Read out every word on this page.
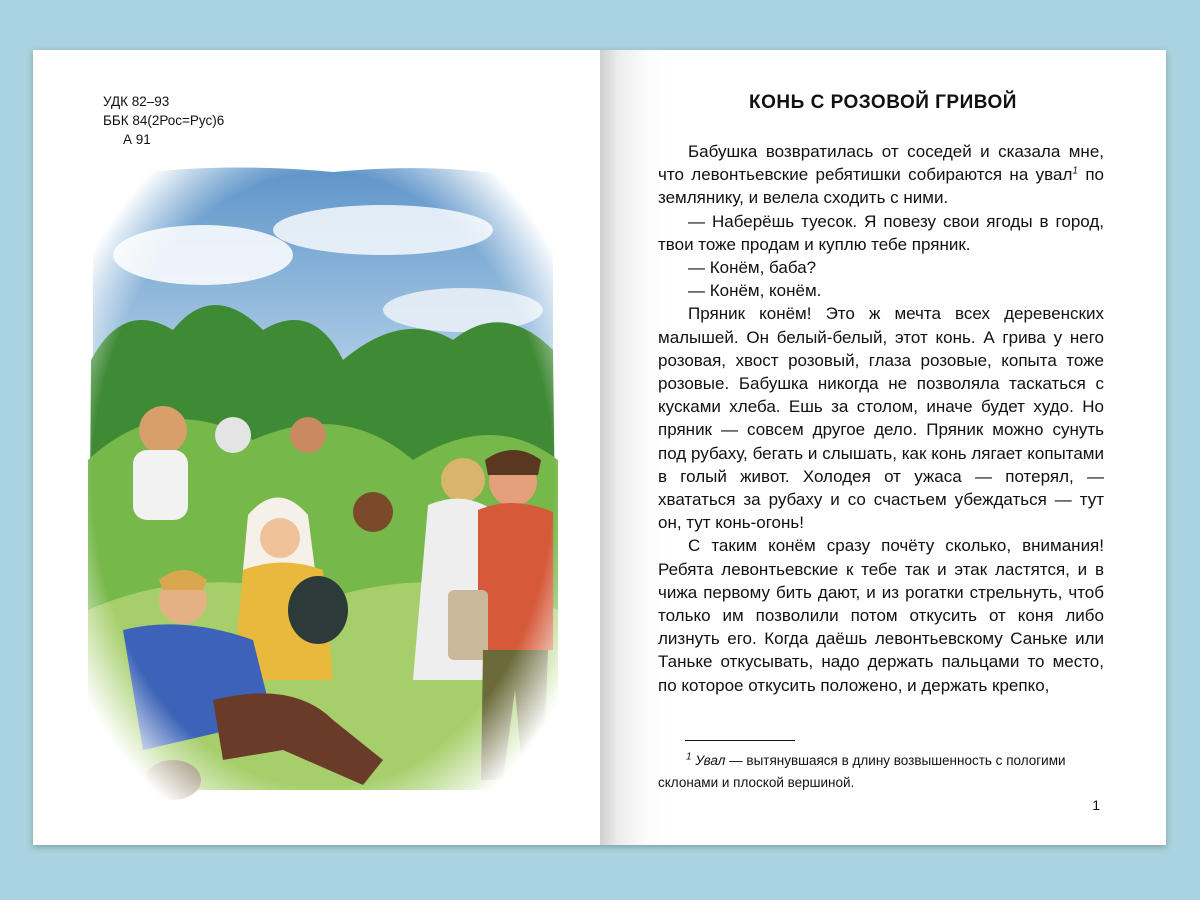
УДК 82–93
ББК 84(2Рос=Рус)6
А 91
КОНЬ С РОЗОВОЙ ГРИВОЙ

Бабушка возвратилась от соседей и сказала мне, что левонтьевские ребятишки собираются на увал$^1$ по землянику, и велела сходить с ними.

— Наберёшь туесок. Я повезу свои ягоды в город, твои тоже продам и куплю тебе пряник.

— Конём, баба?

— Конём, конём.

Пряник конём! Это ж мечта всех деревенских малышей. Он белый-белый, этот конь. А грива у него розовая, хвост розовый, глаза розовые, копыта тоже розовые. Бабушка никогда не позволяла таскаться с кусками хлеба. Ешь за столом, иначе будет худо. Но пряник — совсем другое дело. Пряник можно сунуть под рубаху, бегать и слышать, как конь лягает копытами в голый живот. Холодея от ужаса — потерял, — хвататься за рубаху и со счастьем убеждаться — тут он, тут конь-огонь!

С таким конём сразу почёту сколько, внимания! Ребята левонтьевские к тебе так и этак ластятся, и в чижа первому бить дают, и из рогатки стрельнуть, чтоб только им позволили потом откусить от коня либо лизнуть его. Когда даёшь левонтьевскому Саньке или Таньке откусывать, надо держать пальцами то место, по которое откусить положено, и держать крепко,

$^1$ Увал — вытянувшаяся в длину возвышенность с пологими склонами и плоской вершиной.
1
